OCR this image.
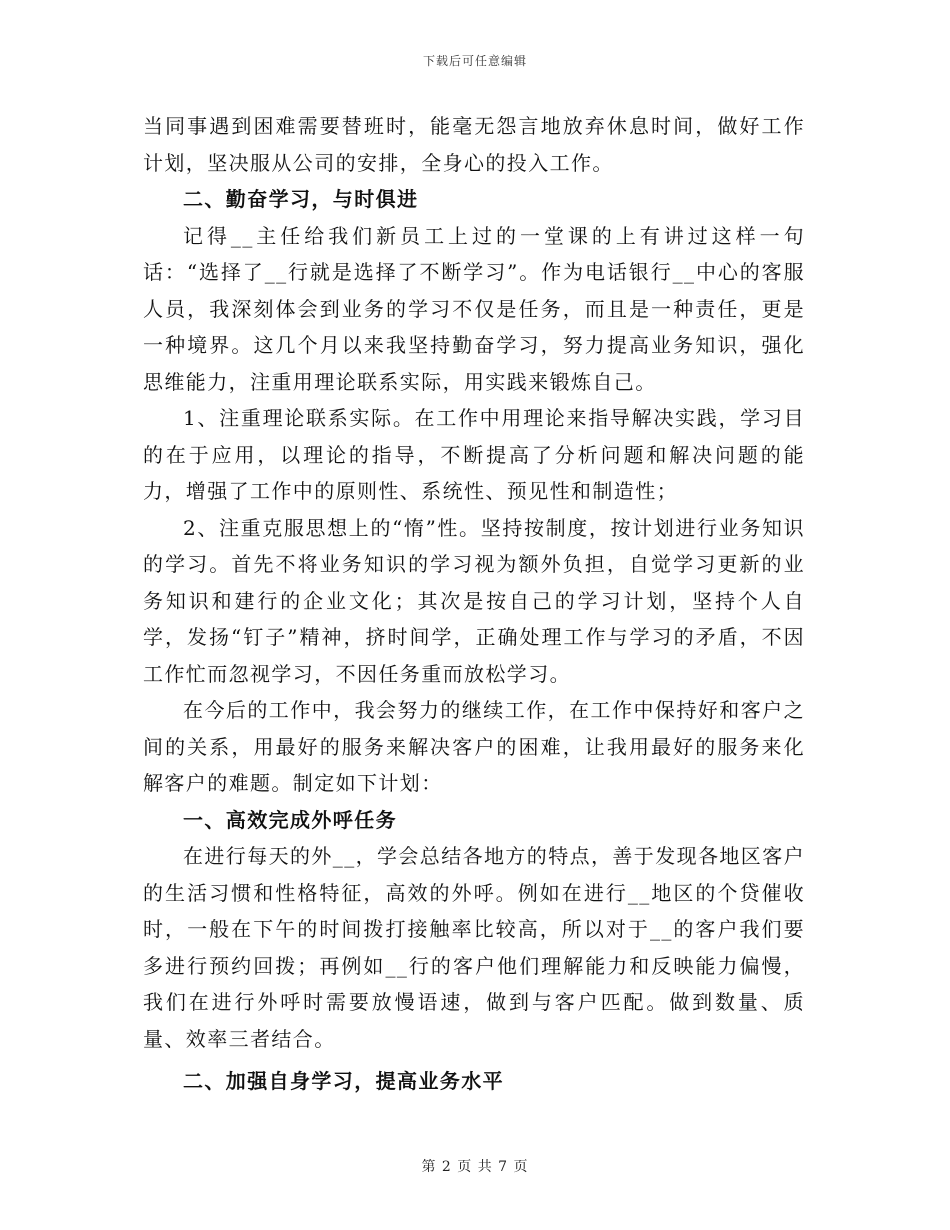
下载后可任意编辑

当同事遇到困难需要替班时，能毫无怨言地放弃休息时间，做好工作计划，坚决服从公司的安排，全身心的投入工作。

二、勤奋学习，与时俱进

记得__主任给我们新员工上过的一堂课的上有讲过这样一句话：“选择了__行就是选择了不断学习”。作为电话银行__中心的客服人员，我深刻体会到业务的学习不仅是任务，而且是一种责任，更是一种境界。这几个月以来我坚持勤奋学习，努力提高业务知识，强化思维能力，注重用理论联系实际，用实践来锻炼自己。

1、注重理论联系实际。在工作中用理论来指导解决实践，学习目的在于应用，以理论的指导，不断提高了分析问题和解决问题的能力，增强了工作中的原则性、系统性、预见性和制造性；

2、注重克服思想上的“惰”性。坚持按制度，按计划进行业务知识的学习。首先不将业务知识的学习视为额外负担，自觉学习更新的业务知识和建行的企业文化；其次是按自己的学习计划，坚持个人自学，发扬“钉子”精神，挤时间学，正确处理工作与学习的矛盾，不因工作忙而忽视学习，不因任务重而放松学习。

在今后的工作中，我会努力的继续工作，在工作中保持好和客户之间的关系，用最好的服务来解决客户的困难，让我用最好的服务来化解客户的难题。制定如下计划：

一、高效完成外呼任务

在进行每天的外__，学会总结各地方的特点，善于发现各地区客户的生活习惯和性格特征，高效的外呼。例如在进行__地区的个贷催收时，一般在下午的时间拨打接触率比较高，所以对于__的客户我们要多进行预约回拨；再例如__行的客户他们理解能力和反映能力偏慢，我们在进行外呼时需要放慢语速，做到与客户匹配。做到数量、质量、效率三者结合。

二、加强自身学习，提高业务水平

第 2 页 共 7 页
